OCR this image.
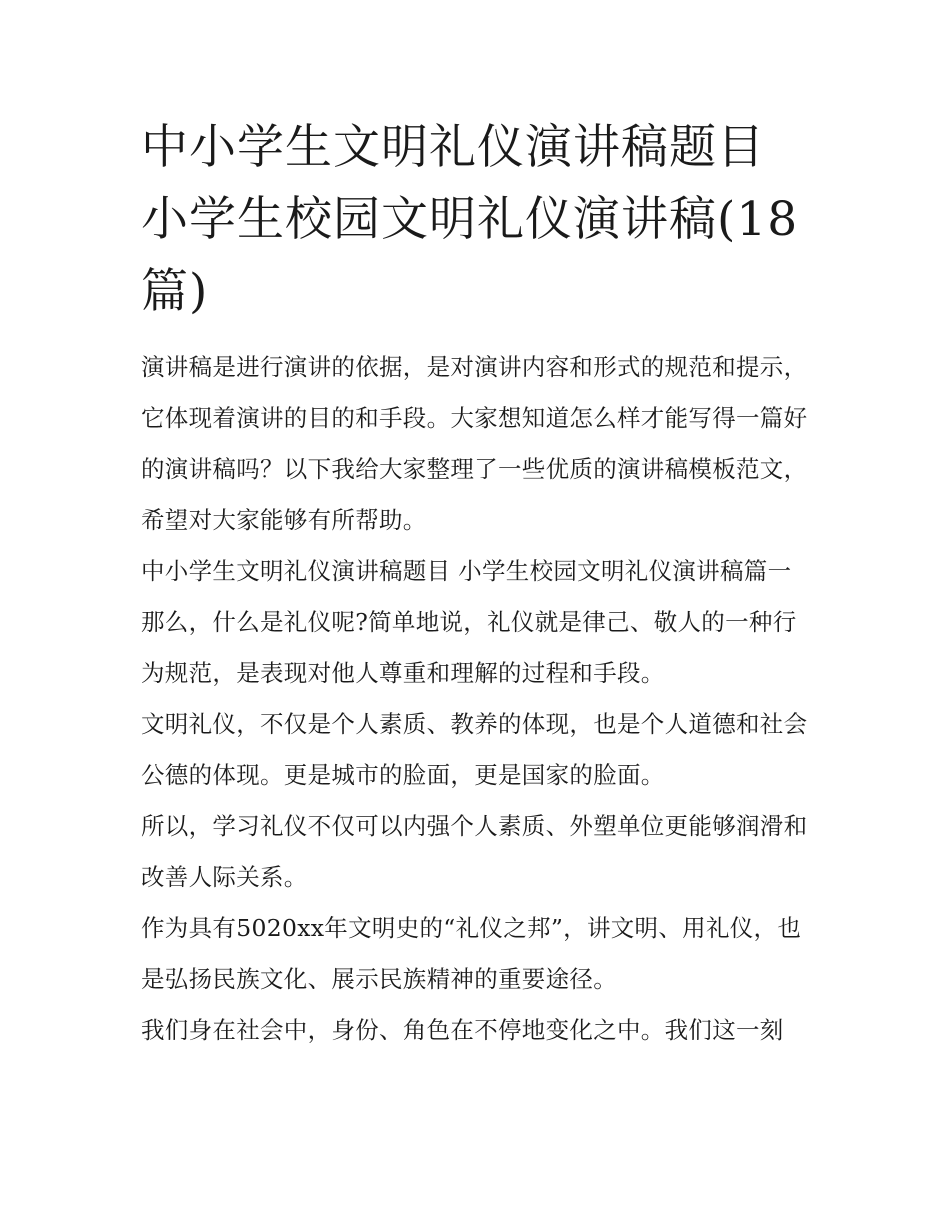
中小学生文明礼仪演讲稿题目 小学生校园文明礼仪演讲稿(18篇)

演讲稿是进行演讲的依据，是对演讲内容和形式的规范和提示，它体现着演讲的目的和手段。大家想知道怎么样才能写得一篇好的演讲稿吗？以下我给大家整理了一些优质的演讲稿模板范文，希望对大家能够有所帮助。

中小学生文明礼仪演讲稿题目 小学生校园文明礼仪演讲稿篇一

那么，什么是礼仪呢?简单地说，礼仪就是律己、敬人的一种行为规范，是表现对他人尊重和理解的过程和手段。

文明礼仪，不仅是个人素质、教养的体现，也是个人道德和社会公德的体现。更是城市的脸面，更是国家的脸面。

所以，学习礼仪不仅可以内强个人素质、外塑单位更能够润滑和改善人际关系。

作为具有5020xx年文明史的“礼仪之邦”，讲文明、用礼仪，也是弘扬民族文化、展示民族精神的重要途径。

我们身在社会中，身份、角色在不停地变化之中。我们这一刻
